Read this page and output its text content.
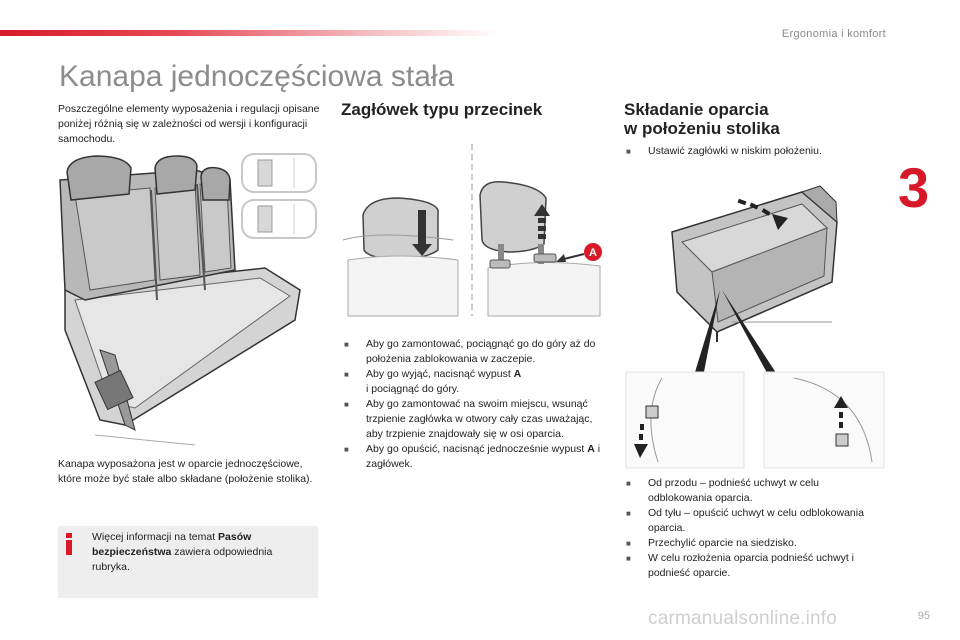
Ergonomia i komfort
3
Kanapa jednoczęściowa stała
Poszczególne elementy wyposażenia i regulacji opisane poniżej różnią się w zależności od wersji i konfiguracji samochodu.
Kanapa wyposażona jest w oparcie jednoczęściowe, które może być stałe albo składane (położenie stolika).
Więcej informacji na temat Pasów bezpieczeństwa zawiera odpowiednia rubryka.
Zagłówek typu przecinek
A
■ Aby go zamontować, pociągnąć go do góry aż do położenia zablokowania w zaczepie.
■ Aby go wyjąć, nacisnąć wypust A
i pociągnąć do góry.
■ Aby go zamontować na swoim miejscu, wsunąć trzpienie zagłówka w otwory cały czas uważając, aby trzpienie znajdowały się w osi oparcia.
■ Aby go opuścić, nacisnąć jednocześnie wypust A i zagłówek.
Składanie oparcia
w położeniu stolika
■ Ustawić zagłówki w niskim położeniu.
■ Od przodu – podnieść uchwyt w celu odblokowania oparcia.
■ Od tyłu – opuścić uchwyt w celu odblokowania oparcia.
■ Przechylić oparcie na siedzisko.
■ W celu rozłożenia oparcia podnieść uchwyt i podnieść oparcie.
95
carmanualsonline.info
